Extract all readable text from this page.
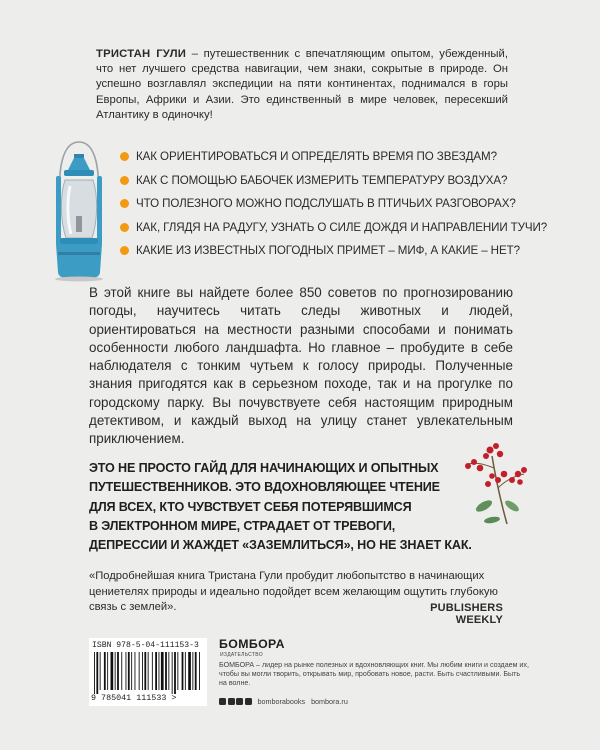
ТРИСТАН ГУЛИ – путешественник с впечатляющим опытом, убежденный, что нет лучшего средства навигации, чем знаки, сокрытые в природе. Он успешно возглавлял экспедиции на пяти континентах, поднимался в горы Европы, Африки и Азии. Это единственный в мире человек, пересекший Атлантику в одиночку!
КАК ОРИЕНТИРОВАТЬСЯ И ОПРЕДЕЛЯТЬ ВРЕМЯ ПО ЗВЕЗДАМ?
КАК С ПОМОЩЬЮ БАБОЧЕК ИЗМЕРИТЬ ТЕМПЕРАТУРУ ВОЗДУХА?
ЧТО ПОЛЕЗНОГО МОЖНО ПОДСЛУШАТЬ В ПТИЧЬИХ РАЗГОВОРАХ?
КАК, ГЛЯДЯ НА РАДУГУ, УЗНАТЬ О СИЛЕ ДОЖДЯ И НАПРАВЛЕНИИ ТУЧИ?
КАКИЕ ИЗ ИЗВЕСТНЫХ ПОГОДНЫХ ПРИМЕТ – МИФ, А КАКИЕ – НЕТ?
В этой книге вы найдете более 850 советов по прогнозированию погоды, научитесь читать следы животных и людей, ориентироваться на местности разными способами и понимать особенности любого ландшафта. Но главное – пробудите в себе наблюдателя с тонким чутьем к голосу природы. Полученные знания пригодятся как в серьезном походе, так и на прогулке по городскому парку. Вы почувствуете себя настоящим природным детективом, и каждый выход на улицу станет увлекательным приключением.
ЭТО НЕ ПРОСТО ГАЙД ДЛЯ НАЧИНАЮЩИХ И ОПЫТНЫХ
ПУТЕШЕСТВЕННИКОВ. ЭТО ВДОХНОВЛЯЮЩЕЕ ЧТЕНИЕ
ДЛЯ ВСЕХ, КТО ЧУВСТВУЕТ СЕБЯ ПОТЕРЯВШИМСЯ
В ЭЛЕКТРОННОМ МИРЕ, СТРАДАЕТ ОТ ТРЕВОГИ,
ДЕПРЕССИИ И ЖАЖДЕТ «ЗАЗЕМЛИТЬСЯ», НО НЕ ЗНАЕТ КАК.
«Подробнейшая книга Тристана Гули пробудит любопытство в начинающих цениетелях природы и идеально подойдет всем желающим ощутить глубокую связь с землей».	PUBLISHERS WEEKLY
ISBN 978-5-04-111153-3
9 785041 111533 >
БОМБОРА
ИЗДАТЕЛЬСТВО
БОМБОРА – лидер на рынке полезных и вдохновляющих книг. Мы любим книги и создаем их, чтобы вы могли творить, открывать мир, пробовать новое, расти. Быть счастливыми. Быть на волне.
bomborabooks bombora.ru
